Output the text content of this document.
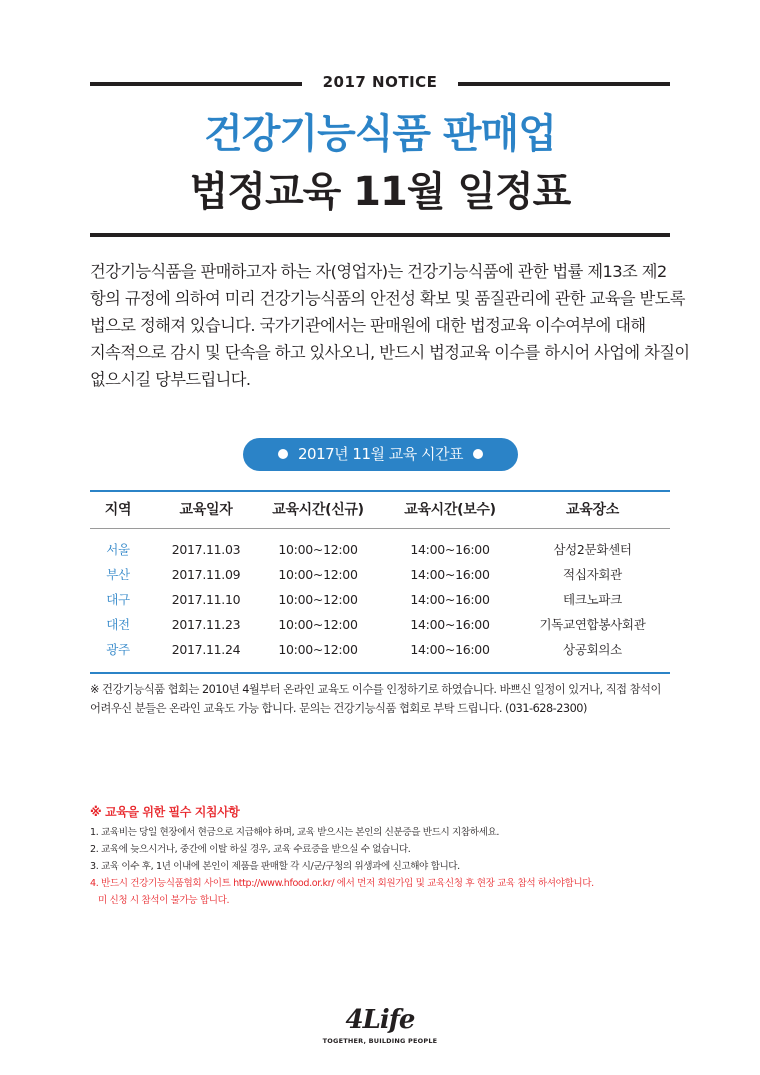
2017 NOTICE
건강기능식품 판매업
법정교육 11월 일정표
건강기능식품을 판매하고자 하는 자(영업자)는 건강기능식품에 관한 법률 제13조 제2
항의 규정에 의하여 미리 건강기능식품의 안전성 확보 및 품질관리에 관한 교육을 받도록
법으로 정해져 있습니다. 국가기관에서는 판매원에 대한 법정교육 이수여부에 대해
지속적으로 감시 및 단속을 하고 있사오니, 반드시 법정교육 이수를 하시어 사업에 차질이
없으시길 당부드립니다.
2017년 11월 교육 시간표
지역	교육일자	교육시간(신규)	교육시간(보수)	교육장소
서울	2017.11.03	10:00~12:00	14:00~16:00	삼성2문화센터
부산	2017.11.09	10:00~12:00	14:00~16:00	적십자회관
대구	2017.11.10	10:00~12:00	14:00~16:00	테크노파크
대전	2017.11.23	10:00~12:00	14:00~16:00	기독교연합봉사회관
광주	2017.11.24	10:00~12:00	14:00~16:00	상공회의소
※ 건강기능식품 협회는 2010년 4월부터 온라인 교육도 이수를 인정하기로 하였습니다. 바쁘신 일정이 있거나, 직접 참석이
어려우신 분들은 온라인 교육도 가능 합니다. 문의는 건강기능식품 협회로 부탁 드립니다. (031-628-2300)
※ 교육을 위한 필수 지침사항
1. 교육비는 당일 현장에서 현금으로 지급해야 하며, 교육 받으시는 본인의 신분증을 반드시 지참하세요.
2. 교육에 늦으시거나, 중간에 이탈 하실 경우, 교육 수료증을 받으실 수 없습니다.
3. 교육 이수 후, 1년 이내에 본인이 제품을 판매할 각 시/군/구청의 위생과에 신고해야 합니다.
4. 반드시 건강기능식품협회 사이트 http://www.hfood.or.kr/ 에서 먼저 회원가입 및 교육신청 후 현장 교육 참석 하셔야합니다.
미 신청 시 참석이 불가능 합니다.
4Life
TOGETHER, BUILDING PEOPLE
